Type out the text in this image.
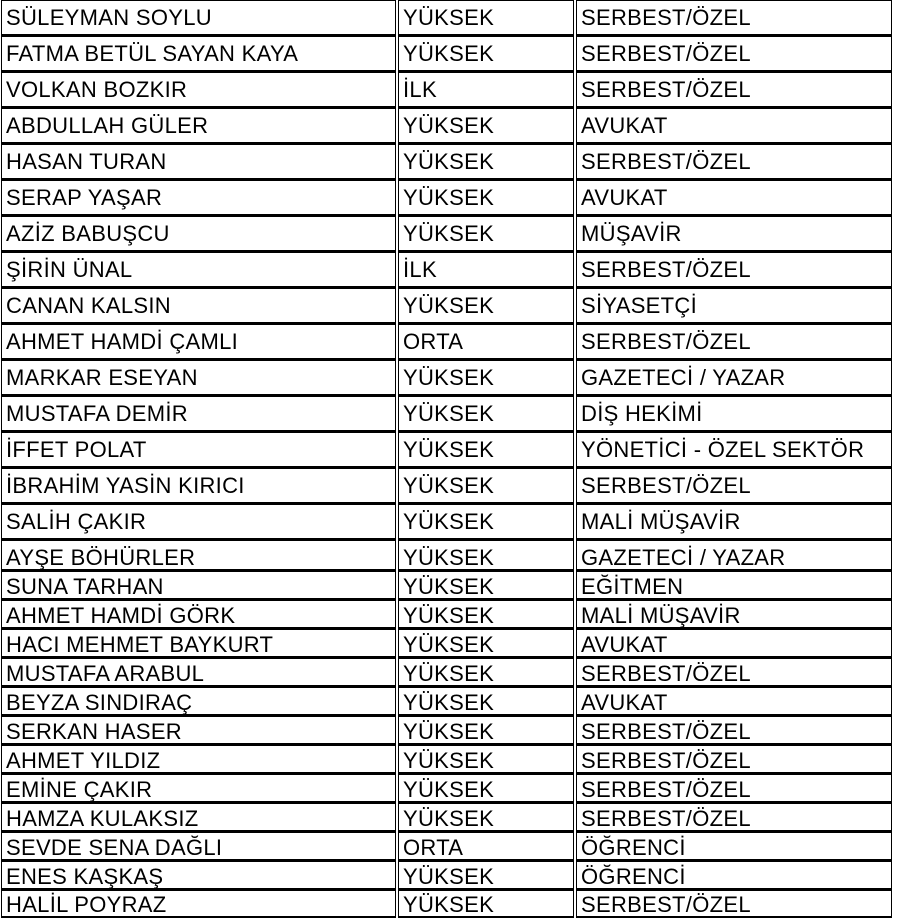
SÜLEYMAN SOYLU	YÜKSEK	SERBEST/ÖZEL
FATMA BETÜL SAYAN KAYA	YÜKSEK	SERBEST/ÖZEL
VOLKAN BOZKIR	İLK	SERBEST/ÖZEL
ABDULLAH GÜLER	YÜKSEK	AVUKAT
HASAN TURAN	YÜKSEK	SERBEST/ÖZEL
SERAP YAŞAR	YÜKSEK	AVUKAT
AZİZ BABUŞCU	YÜKSEK	MÜŞAVİR
ŞİRİN ÜNAL	İLK	SERBEST/ÖZEL
CANAN KALSIN	YÜKSEK	SİYASETÇİ
AHMET HAMDİ ÇAMLI	ORTA	SERBEST/ÖZEL
MARKAR ESEYAN	YÜKSEK	GAZETECİ / YAZAR
MUSTAFA DEMİR	YÜKSEK	DİŞ HEKİMİ
İFFET POLAT	YÜKSEK	YÖNETİCİ - ÖZEL SEKTÖR
İBRAHİM YASİN KIRICI	YÜKSEK	SERBEST/ÖZEL
SALİH ÇAKIR	YÜKSEK	MALİ MÜŞAVİR
AYŞE BÖHÜRLER	YÜKSEK	GAZETECİ / YAZAR
SUNA TARHAN	YÜKSEK	EĞİTMEN
AHMET HAMDİ GÖRK	YÜKSEK	MALİ MÜŞAVİR
HACI MEHMET BAYKURT	YÜKSEK	AVUKAT
MUSTAFA ARABUL	YÜKSEK	SERBEST/ÖZEL
BEYZA SINDIRAÇ	YÜKSEK	AVUKAT
SERKAN HASER	YÜKSEK	SERBEST/ÖZEL
AHMET YILDIZ	YÜKSEK	SERBEST/ÖZEL
EMİNE ÇAKIR	YÜKSEK	SERBEST/ÖZEL
HAMZA KULAKSIZ	YÜKSEK	SERBEST/ÖZEL
SEVDE SENA DAĞLI	ORTA	ÖĞRENCİ
ENES KAŞKAŞ	YÜKSEK	ÖĞRENCİ
HALİL POYRAZ	YÜKSEK	SERBEST/ÖZEL
